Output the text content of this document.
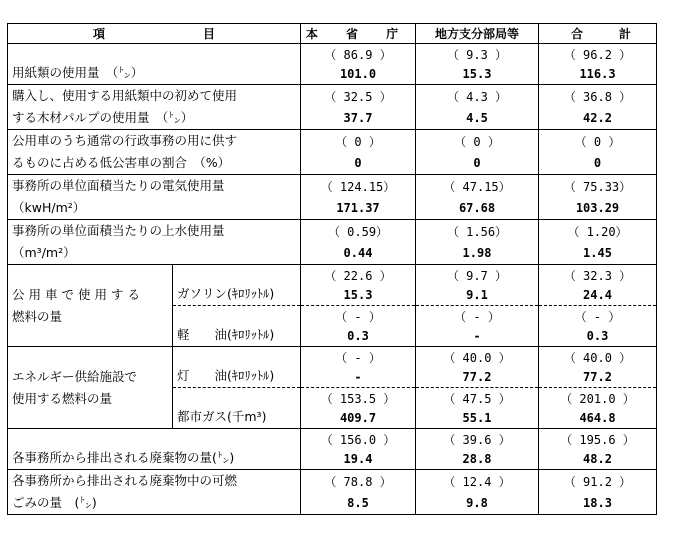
項 目		本 省 庁	地方支分部局等	合 計

用紙類の使用量　（㌧）		（ 86.9 ）	（ 9.3 ）	（ 96.2 ）
		101.0	15.3	116.3
購入し、使用する用紙類中の初めて使用		（ 32.5 ）	（ 4.3 ）	（ 36.8 ）
する木材パルプの使用量　（㌧）		37.7	4.5	42.2
公用車のうち通常の行政事務の用に供す		（ 0 ）	（ 0 ）	（ 0 ）
るものに占める低公害車の割合　（%）		0	0	0
事務所の単位面積当たりの電気使用量		（ 124.15）	（ 47.15）	（ 75.33）
（kwH/m²）		171.37	67.68	103.29
事務所の単位面積当たりの上水使用量		（ 0.59）	（ 1.56）	（ 1.20）
（m³/m²）		0.44	1.98	1.45

公用車で使用する
燃料の量	ガソリン(ｷﾛﾘｯﾄﾙ)	（ 22.6 ）	（ 9.7 ）	（ 32.3 ）
		15.3	9.1	24.4
	軽　　油(ｷﾛﾘｯﾄﾙ)	（ - ）	（ - ）	（ - ）
		0.3	-	0.3

エネルギー供給施設で
使用する燃料の量	灯　　油(ｷﾛﾘｯﾄﾙ)	（ - ）	（ 40.0 ）	（ 40.0 ）
		-	77.2	77.2
	都市ガス(千m³)	（ 153.5 ）	（ 47.5 ）	（ 201.0 ）
		409.7	55.1	464.8
各事務所から排出される廃棄物の量(㌧)		（ 156.0 ）	（ 39.6 ）	（ 195.6 ）
		19.4	28.8	48.2
各事務所から排出される廃棄物中の可燃		（ 78.8 ）	（ 12.4 ）	（ 91.2 ）
ごみの量　(㌧)		8.5	9.8	18.3
